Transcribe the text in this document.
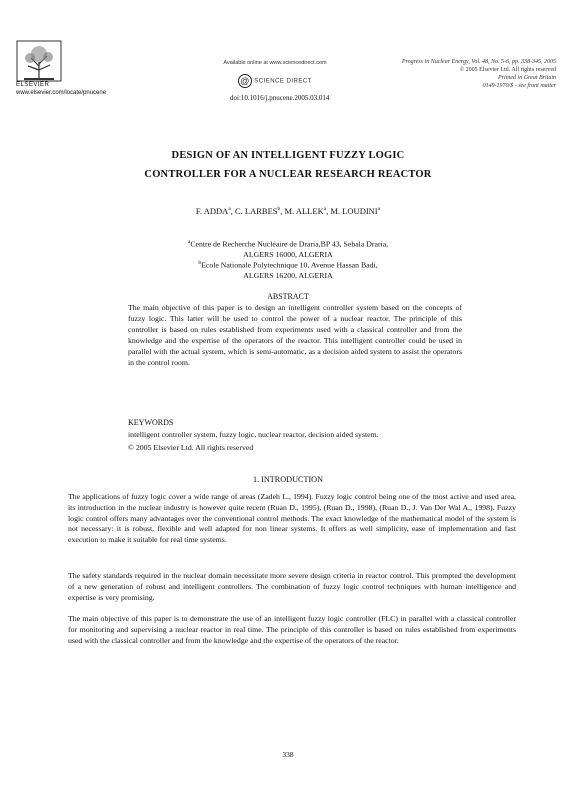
ELSEVIER
www.elsevier.com/locate/pnucene
Available online at www.sciencedirect.com
@ SCIENCE DIRECT
doi:10.1016/j.pnucene.2005.03.014
Progress in Nuclear Energy, Vol. 48, No. 5-6, pp. 338-345, 2005
© 2005 Elsevier Ltd. All rights reserved
Printed in Great Britain
0149-1970/$ - see front matter
DESIGN OF AN INTELLIGENT FUZZY LOGIC
CONTROLLER FOR A NUCLEAR RESEARCH REACTOR
F. ADDA$^a$, C. LARBES$^b$, M. ALLEK$^a$, M. LOUDINI$^a$
$^a$Centre de Recherche Nucléaire de Draria,BP 43, Sebala Draria,
ALGERS 16000, ALGERIA
$^b$Ecole Nationale Polytechnique 10, Avenue Hassan Badi,
ALGERS 16200, ALGERIA
ABSTRACT
The main objective of this paper is to design an intelligent controller system based on the concepts of fuzzy logic. This latter will be used to control the power of a nuclear reactor. The principle of this controller is based on rules established from experiments used with a classical controller and from the knowledge and the expertise of the operators of the reactor. This intelligent controller could be used in parallel with the actual system, which is semi-automatic, as a decision aided system to assist the operators in the control room.
KEYWORDS
intelligent controller system, fuzzy logic, nuclear reactor, decision aided system.
© 2005 Elsevier Ltd. All rights reserved
1. INTRODUCTION
The applications of fuzzy logic cover a wide range of areas (Zadeh L., 1994). Fuzzy logic control being one of the most active and used area, its introduction in the nuclear industry is however quite recent (Ruan D., 1995), (Ruan D., 1998), (Ruan D., J. Van Der Wal A., 1998). Fuzzy logic control offers many advantages over the conventional control methods. The exact knowledge of the mathematical model of the system is not necessary: it is robust, flexible and well adapted for non linear systems. It offers as well simplicity, ease of implementation and fast execution to make it suitable for real time systems.
The safety standards required in the nuclear domain necessitate more severe design criteria in reactor control. This prompted the development of a new generation of robust and intelligent controllers. The combination of fuzzy logic control techniques with human intelligence and expertise is very promising.
The main objective of this paper is to demonstrate the use of an intelligent fuzzy logic controller (FLC) in parallel with a classical controller for monitoring and supervising a nuclear reactor in real time. The principle of this controller is based on rules established from experiments used with the classical controller and from the knowledge and the expertise of the operators of the reactor.
338
